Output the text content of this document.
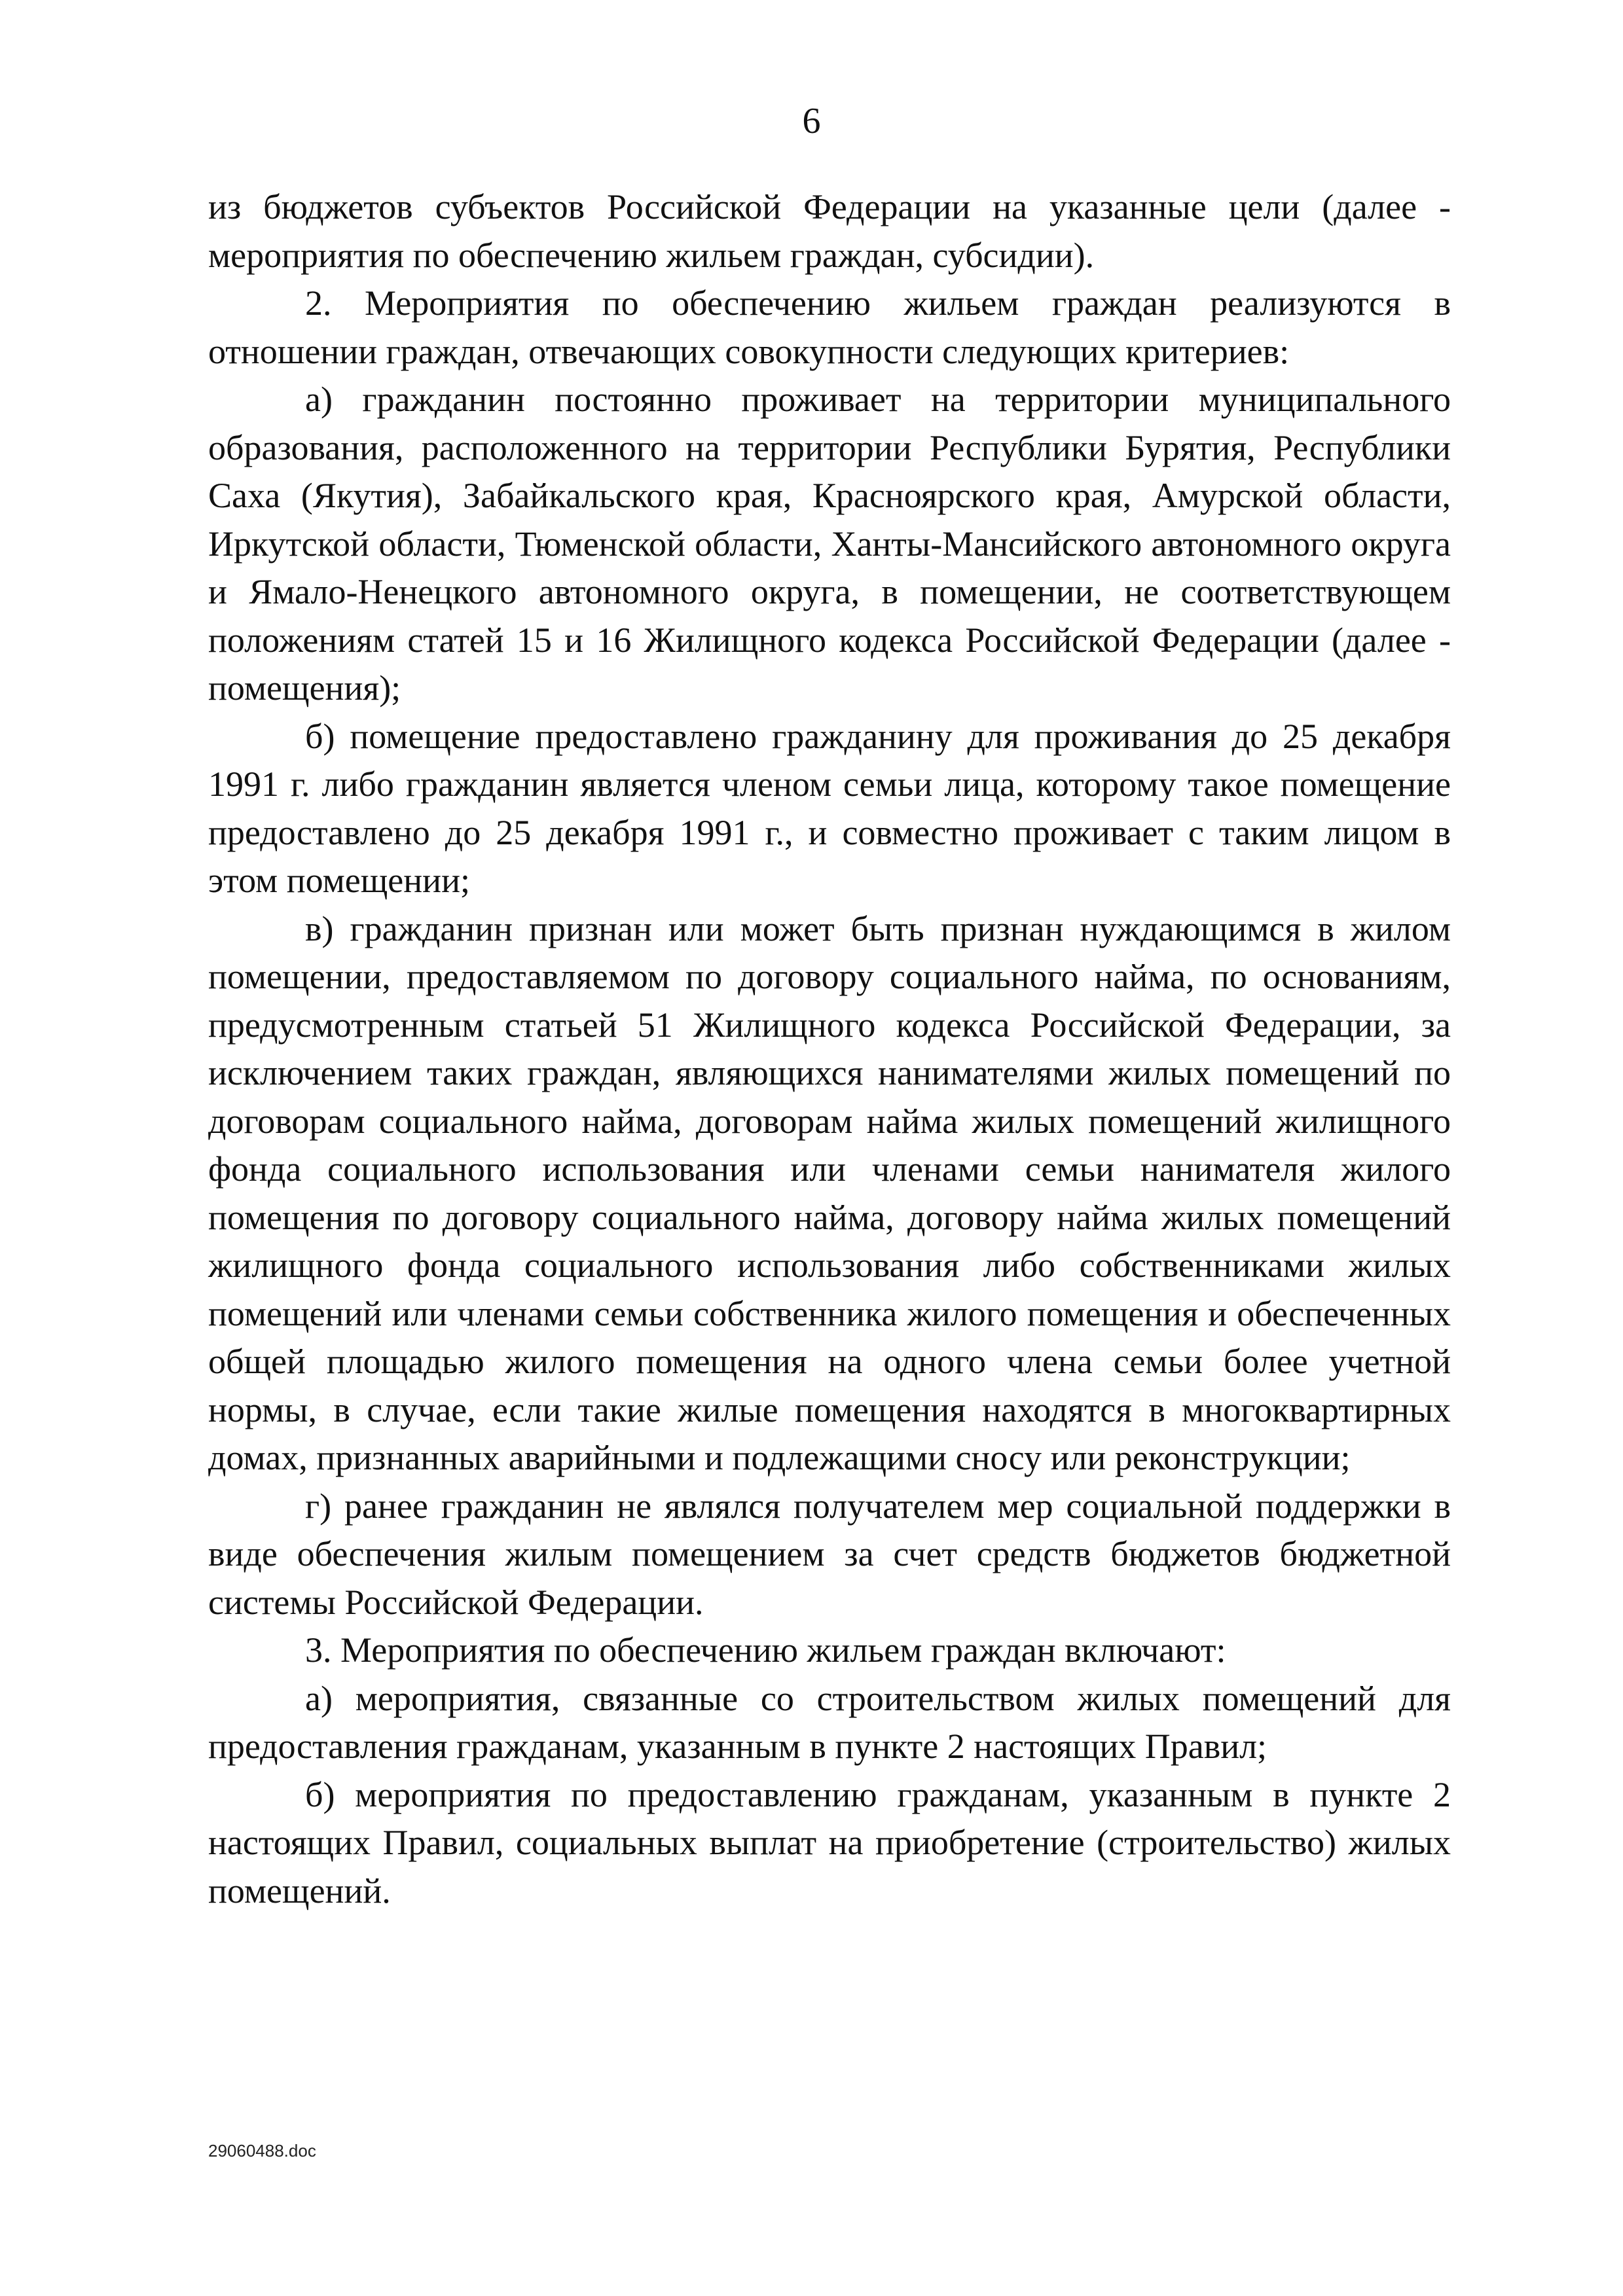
6

из бюджетов субъектов Российской Федерации на указанные цели (далее - мероприятия по обеспечению жильем граждан, субсидии).

2. Мероприятия по обеспечению жильем граждан реализуются в отношении граждан, отвечающих совокупности следующих критериев:

а) гражданин постоянно проживает на территории муниципального образования, расположенного на территории Республики Бурятия, Республики Саха (Якутия), Забайкальского края, Красноярского края, Амурской области, Иркутской области, Тюменской области, Ханты-Мансийского автономного округа и Ямало-Ненецкого автономного округа, в помещении, не соответствующем положениям статей 15 и 16 Жилищного кодекса Российской Федерации (далее - помещения);

б) помещение предоставлено гражданину для проживания до 25 декабря 1991 г. либо гражданин является членом семьи лица, которому такое помещение предоставлено до 25 декабря 1991 г., и совместно проживает с таким лицом в этом помещении;

в) гражданин признан или может быть признан нуждающимся в жилом помещении, предоставляемом по договору социального найма, по основаниям, предусмотренным статьей 51 Жилищного кодекса Российской Федерации, за исключением таких граждан, являющихся нанимателями жилых помещений по договорам социального найма, договорам найма жилых помещений жилищного фонда социального использования или членами семьи нанимателя жилого помещения по договору социального найма, договору найма жилых помещений жилищного фонда социального использования либо собственниками жилых помещений или членами семьи собственника жилого помещения и обеспеченных общей площадью жилого помещения на одного члена семьи более учетной нормы, в случае, если такие жилые помещения находятся в многоквартирных домах, признанных аварийными и подлежащими сносу или реконструкции;

г) ранее гражданин не являлся получателем мер социальной поддержки в виде обеспечения жилым помещением за счет средств бюджетов бюджетной системы Российской Федерации.

3. Мероприятия по обеспечению жильем граждан включают:

а) мероприятия, связанные со строительством жилых помещений для предоставления гражданам, указанным в пункте 2 настоящих Правил;

б) мероприятия по предоставлению гражданам, указанным в пункте 2 настоящих Правил, социальных выплат на приобретение (строительство) жилых помещений.

29060488.doc
